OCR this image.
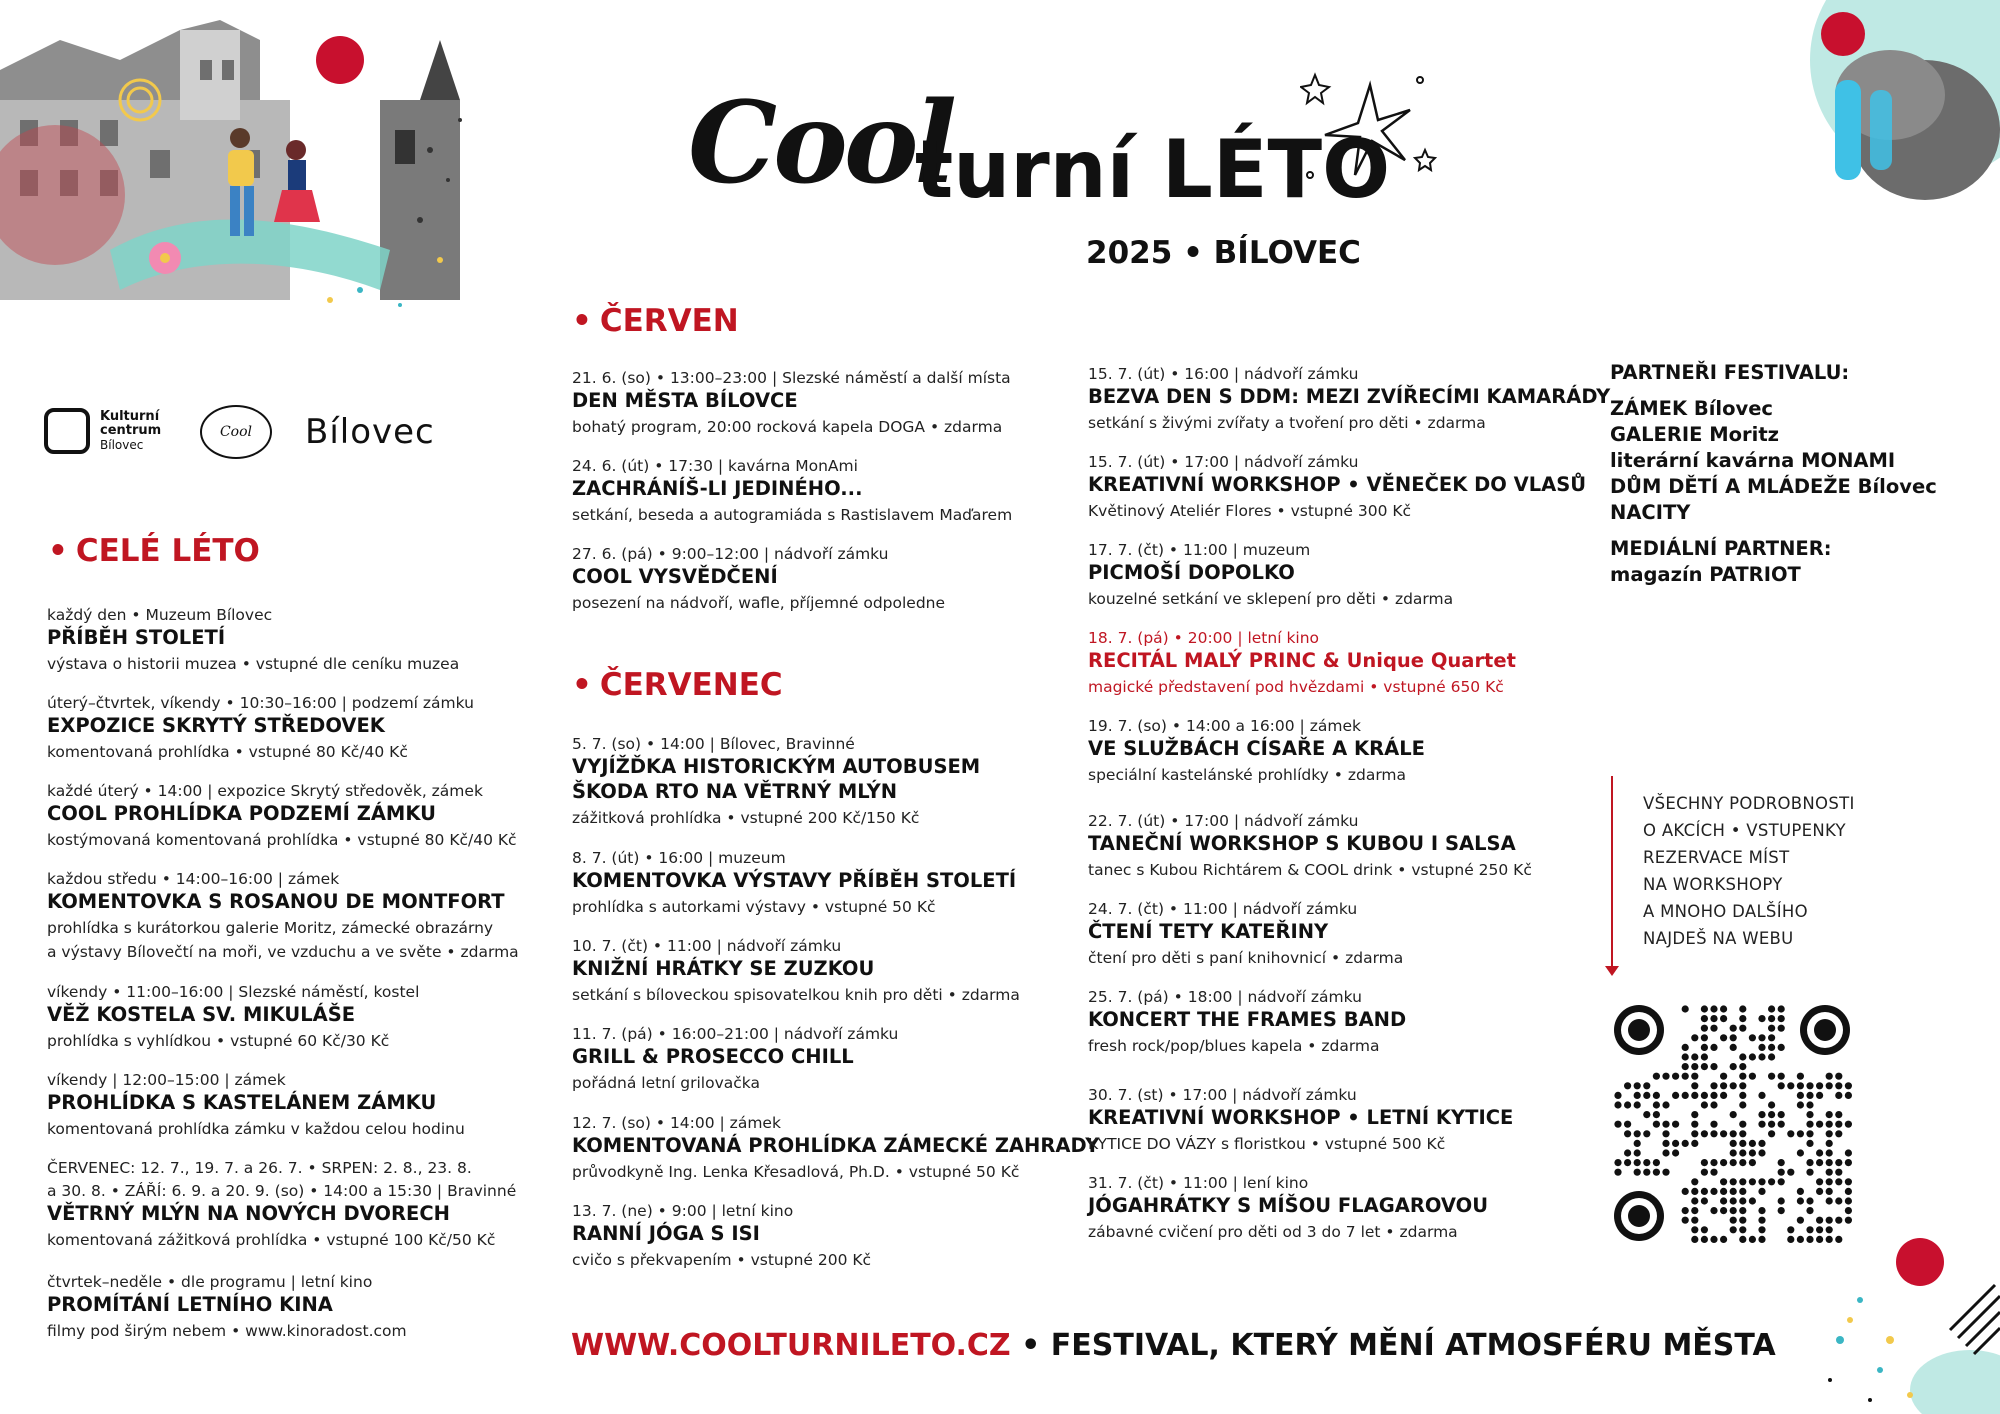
Cool
turní LÉTO
2025 • BÍLOVEC
Kulturní
centrum
Bílovec
Cool	Bílovec
• CELÉ LÉTO
• ČERVEN
• ČERVENEC
každý den • Muzeum Bílovec
PŘÍBĚH STOLETÍ
výstava o historii muzea • vstupné dle ceníku muzea
úterý–čtvrtek, víkendy • 10:30–16:00 | podzemí zámku
EXPOZICE SKRYTÝ STŘEDOVEK
komentovaná prohlídka • vstupné 80 Kč/40 Kč
každé úterý • 14:00 | expozice Skrytý středověk, zámek
COOL PROHLÍDKA PODZEMÍ ZÁMKU
kostýmovaná komentovaná prohlídka • vstupné 80 Kč/40 Kč
každou středu • 14:00–16:00 | zámek
KOMENTOVKA S ROSANOU DE MONTFORT
prohlídka s kurátorkou galerie Moritz, zámecké obrazárny
a výstavy Bílovečtí na moři, ve vzduchu a ve světe • zdarma
víkendy • 11:00–16:00 | Slezské náměstí, kostel
VĚŽ KOSTELA SV. MIKULÁŠE
prohlídka s vyhlídkou • vstupné 60 Kč/30 Kč
víkendy | 12:00–15:00 | zámek
PROHLÍDKA S KASTELÁNEM ZÁMKU
komentovaná prohlídka zámku v každou celou hodinu
ČERVENEC: 12. 7., 19. 7. a 26. 7. • SRPEN: 2. 8., 23. 8.
a 30. 8. • ZÁŘÍ: 6. 9. a 20. 9. (so) • 14:00 a 15:30 | Bravinné
VĚTRNÝ MLÝN NA NOVÝCH DVORECH
komentovaná zážitková prohlídka • vstupné 100 Kč/50 Kč
čtvrtek–neděle • dle programu | letní kino
PROMÍTÁNÍ LETNÍHO KINA
filmy pod širým nebem • www.kinoradost.com
21. 6. (so) • 13:00–23:00 | Slezské náměstí a další místa
DEN MĚSTA BÍLOVCE
bohatý program, 20:00 rocková kapela DOGA • zdarma
24. 6. (út) • 17:30 | kavárna MonAmi
ZACHRÁNÍŠ-LI JEDINÉHO...
setkání, beseda a autogramiáda s Rastislavem Maďarem
27. 6. (pá) • 9:00–12:00 | nádvoří zámku
COOL VYSVĚDČENÍ
posezení na nádvoří, wafle, příjemné odpoledne
5. 7. (so) • 14:00 | Bílovec, Bravinné
VYJÍŽĎKA HISTORICKÝM AUTOBUSEM
ŠKODA RTO NA VĚTRNÝ MLÝN
zážitková prohlídka • vstupné 200 Kč/150 Kč
8. 7. (út) • 16:00 | muzeum
KOMENTOVKA VÝSTAVY PŘÍBĚH STOLETÍ
prohlídka s autorkami výstavy • vstupné 50 Kč
10. 7. (čt) • 11:00 | nádvoří zámku
KNIŽNÍ HRÁTKY SE ZUZKOU
setkání s bíloveckou spisovatelkou knih pro děti • zdarma
11. 7. (pá) • 16:00–21:00 | nádvoří zámku
GRILL & PROSECCO CHILL
pořádná letní grilovačka
12. 7. (so) • 14:00 | zámek
KOMENTOVANÁ PROHLÍDKA ZÁMECKÉ ZAHRADY
průvodkyně Ing. Lenka Křesadlová, Ph.D. • vstupné 50 Kč
13. 7. (ne) • 9:00 | letní kino
RANNÍ JÓGA S ISI
cvičo s překvapením • vstupné 200 Kč
15. 7. (út) • 16:00 | nádvoří zámku
BEZVA DEN S DDM: MEZI ZVÍŘECÍMI KAMARÁDY
setkání s živými zvířaty a tvoření pro děti • zdarma
15. 7. (út) • 17:00 | nádvoří zámku
KREATIVNÍ WORKSHOP • VĚNEČEK DO VLASŮ
Květinový Ateliér Flores • vstupné 300 Kč
17. 7. (čt) • 11:00 | muzeum
PICMOŠÍ DOPOLKO
kouzelné setkání ve sklepení pro děti • zdarma
18. 7. (pá) • 20:00 | letní kino
RECITÁL MALÝ PRINC & Unique Quartet
magické představení pod hvězdami • vstupné 650 Kč
19. 7. (so) • 14:00 a 16:00 | zámek
VE SLUŽBÁCH CÍSAŘE A KRÁLE
speciální kastelánské prohlídky • zdarma
22. 7. (út) • 17:00 | nádvoří zámku
TANEČNÍ WORKSHOP S KUBOU I SALSA
tanec s Kubou Richtárem & COOL drink • vstupné 250 Kč
24. 7. (čt) • 11:00 | nádvoří zámku
ČTENÍ TETY KATEŘINY
čtení pro děti s paní knihovnicí • zdarma
25. 7. (pá) • 18:00 | nádvoří zámku
KONCERT THE FRAMES BAND
fresh rock/pop/blues kapela • zdarma
30. 7. (st) • 17:00 | nádvoří zámku
KREATIVNÍ WORKSHOP • LETNÍ KYTICE
KYTICE DO VÁZY s floristkou • vstupné 500 Kč
31. 7. (čt) • 11:00 | lení kino
JÓGAHRÁTKY S MÍŠOU FLAGAROVOU
zábavné cvičení pro děti od 3 do 7 let • zdarma
PARTNEŘI FESTIVALU:
ZÁMEK Bílovec
GALERIE Moritz
literární kavárna MONAMI
DŮM DĚTÍ A MLÁDEŽE Bílovec
NACITY
MEDIÁLNÍ PARTNER:
magazín PATRIOT
VŠECHNY PODROBNOSTI
O AKCÍCH • VSTUPENKY
REZERVACE MÍST
NA WORKSHOPY
A MNOHO DALŠÍHO
NAJDEŠ NA WEBU
WWW.COOLTURNILETO.CZ • FESTIVAL, KTERÝ MĚNÍ ATMOSFÉRU MĚSTA
